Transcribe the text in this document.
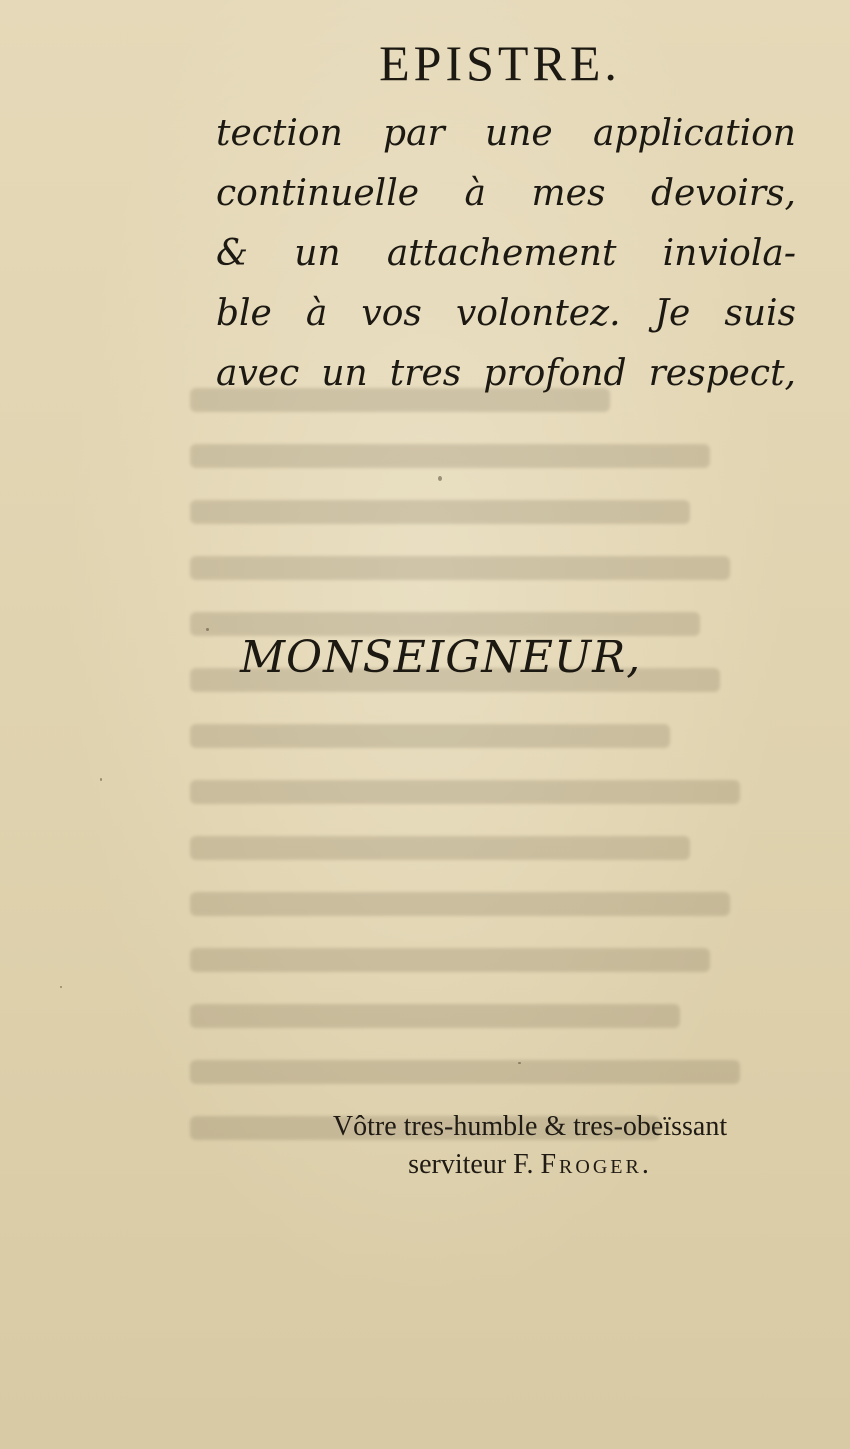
EPISTRE.
tection par une application
continuelle à mes devoirs,
& un attachement inviola-
ble à vos volontez. Je suis
avec un tres profond respect,
MONSEIGNEUR,
Vôtre tres-humble & tres-obeïssant
serviteur F. Froger.
